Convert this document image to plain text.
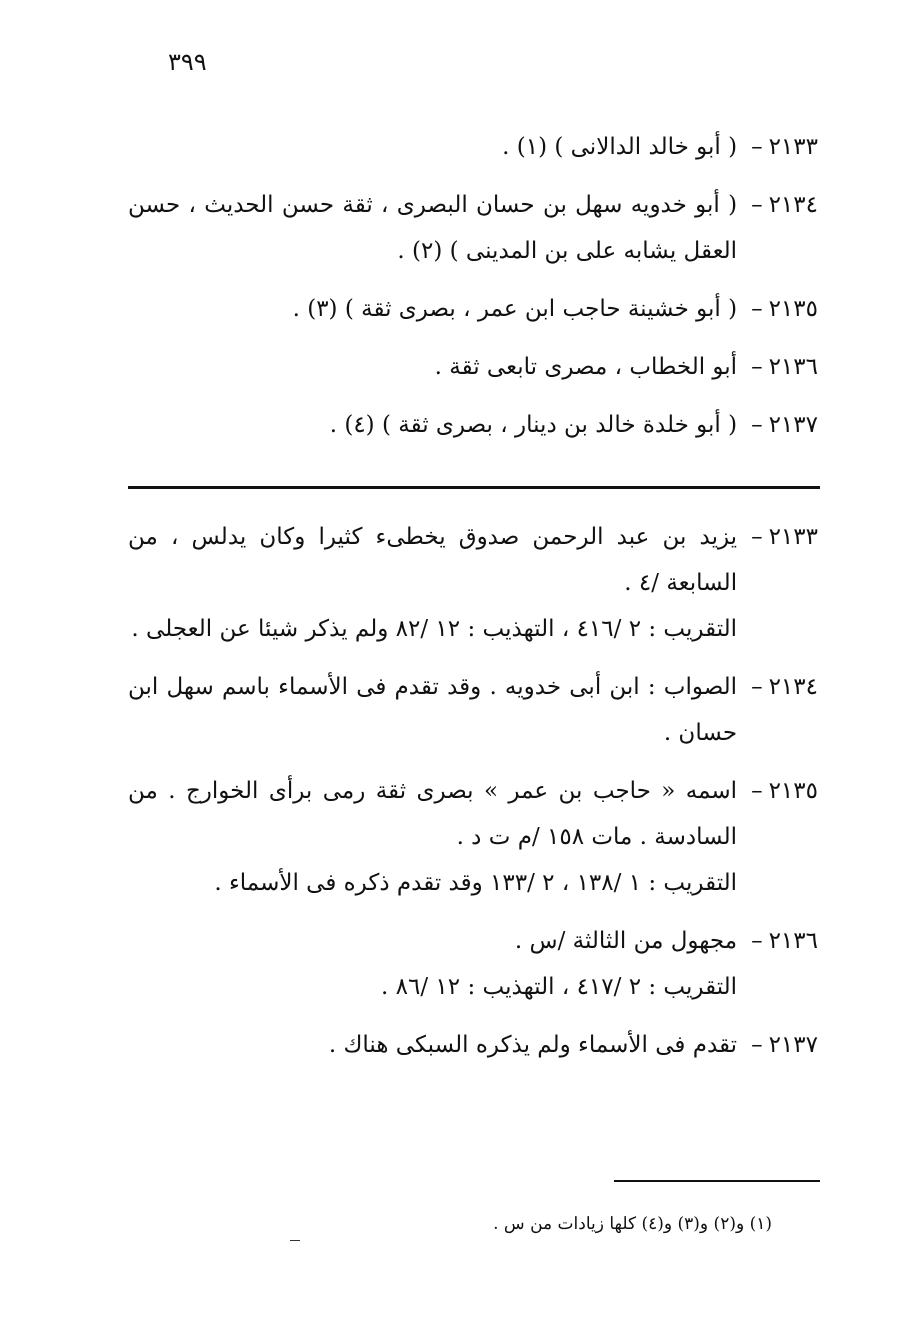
٣٩٩
٢١٣٣–
( أبو خالد الدالانى ) (١) .
٢١٣٤–
( أبو خدويه سهل بن حسان البصرى ، ثقة حسن الحديث ، حسن العقل يشابه على بن المدينى ) (٢) .
٢١٣٥–
( أبو خشينة حاجب ابن عمر ، بصرى ثقة ) (٣) .
٢١٣٦–
أبو الخطاب ، مصرى تابعى ثقة .
٢١٣٧–
( أبو خلدة خالد بن دينار ، بصرى ثقة ) (٤) .
٢١٣٣–
يزيد بن عبد الرحمن صدوق يخطىء كثيرا وكان يدلس ، من السابعة /٤ .
التقريب : ٢ /٤١٦ ، التهذيب : ١٢ /٨٢ ولم يذكر شيئا عن العجلى .
٢١٣٤–
الصواب : ابن أبى خدويه . وقد تقدم فى الأسماء باسم سهل ابن حسان .
٢١٣٥–
اسمه « حاجب بن عمر » بصرى ثقة رمى برأى الخوارج . من السادسة . مات ١٥٨ /م ت د .
التقريب : ١ /١٣٨ ، ٢ /١٣٣ وقد تقدم ذكره فى الأسماء .
٢١٣٦–
مجهول من الثالثة /س .
التقريب : ٢ /٤١٧ ، التهذيب : ١٢ /٨٦ .
٢١٣٧–
تقدم فى الأسماء ولم يذكره السبكى هناك .
(١) و(٢) و(٣) و(٤) كلها زيادات من س .
